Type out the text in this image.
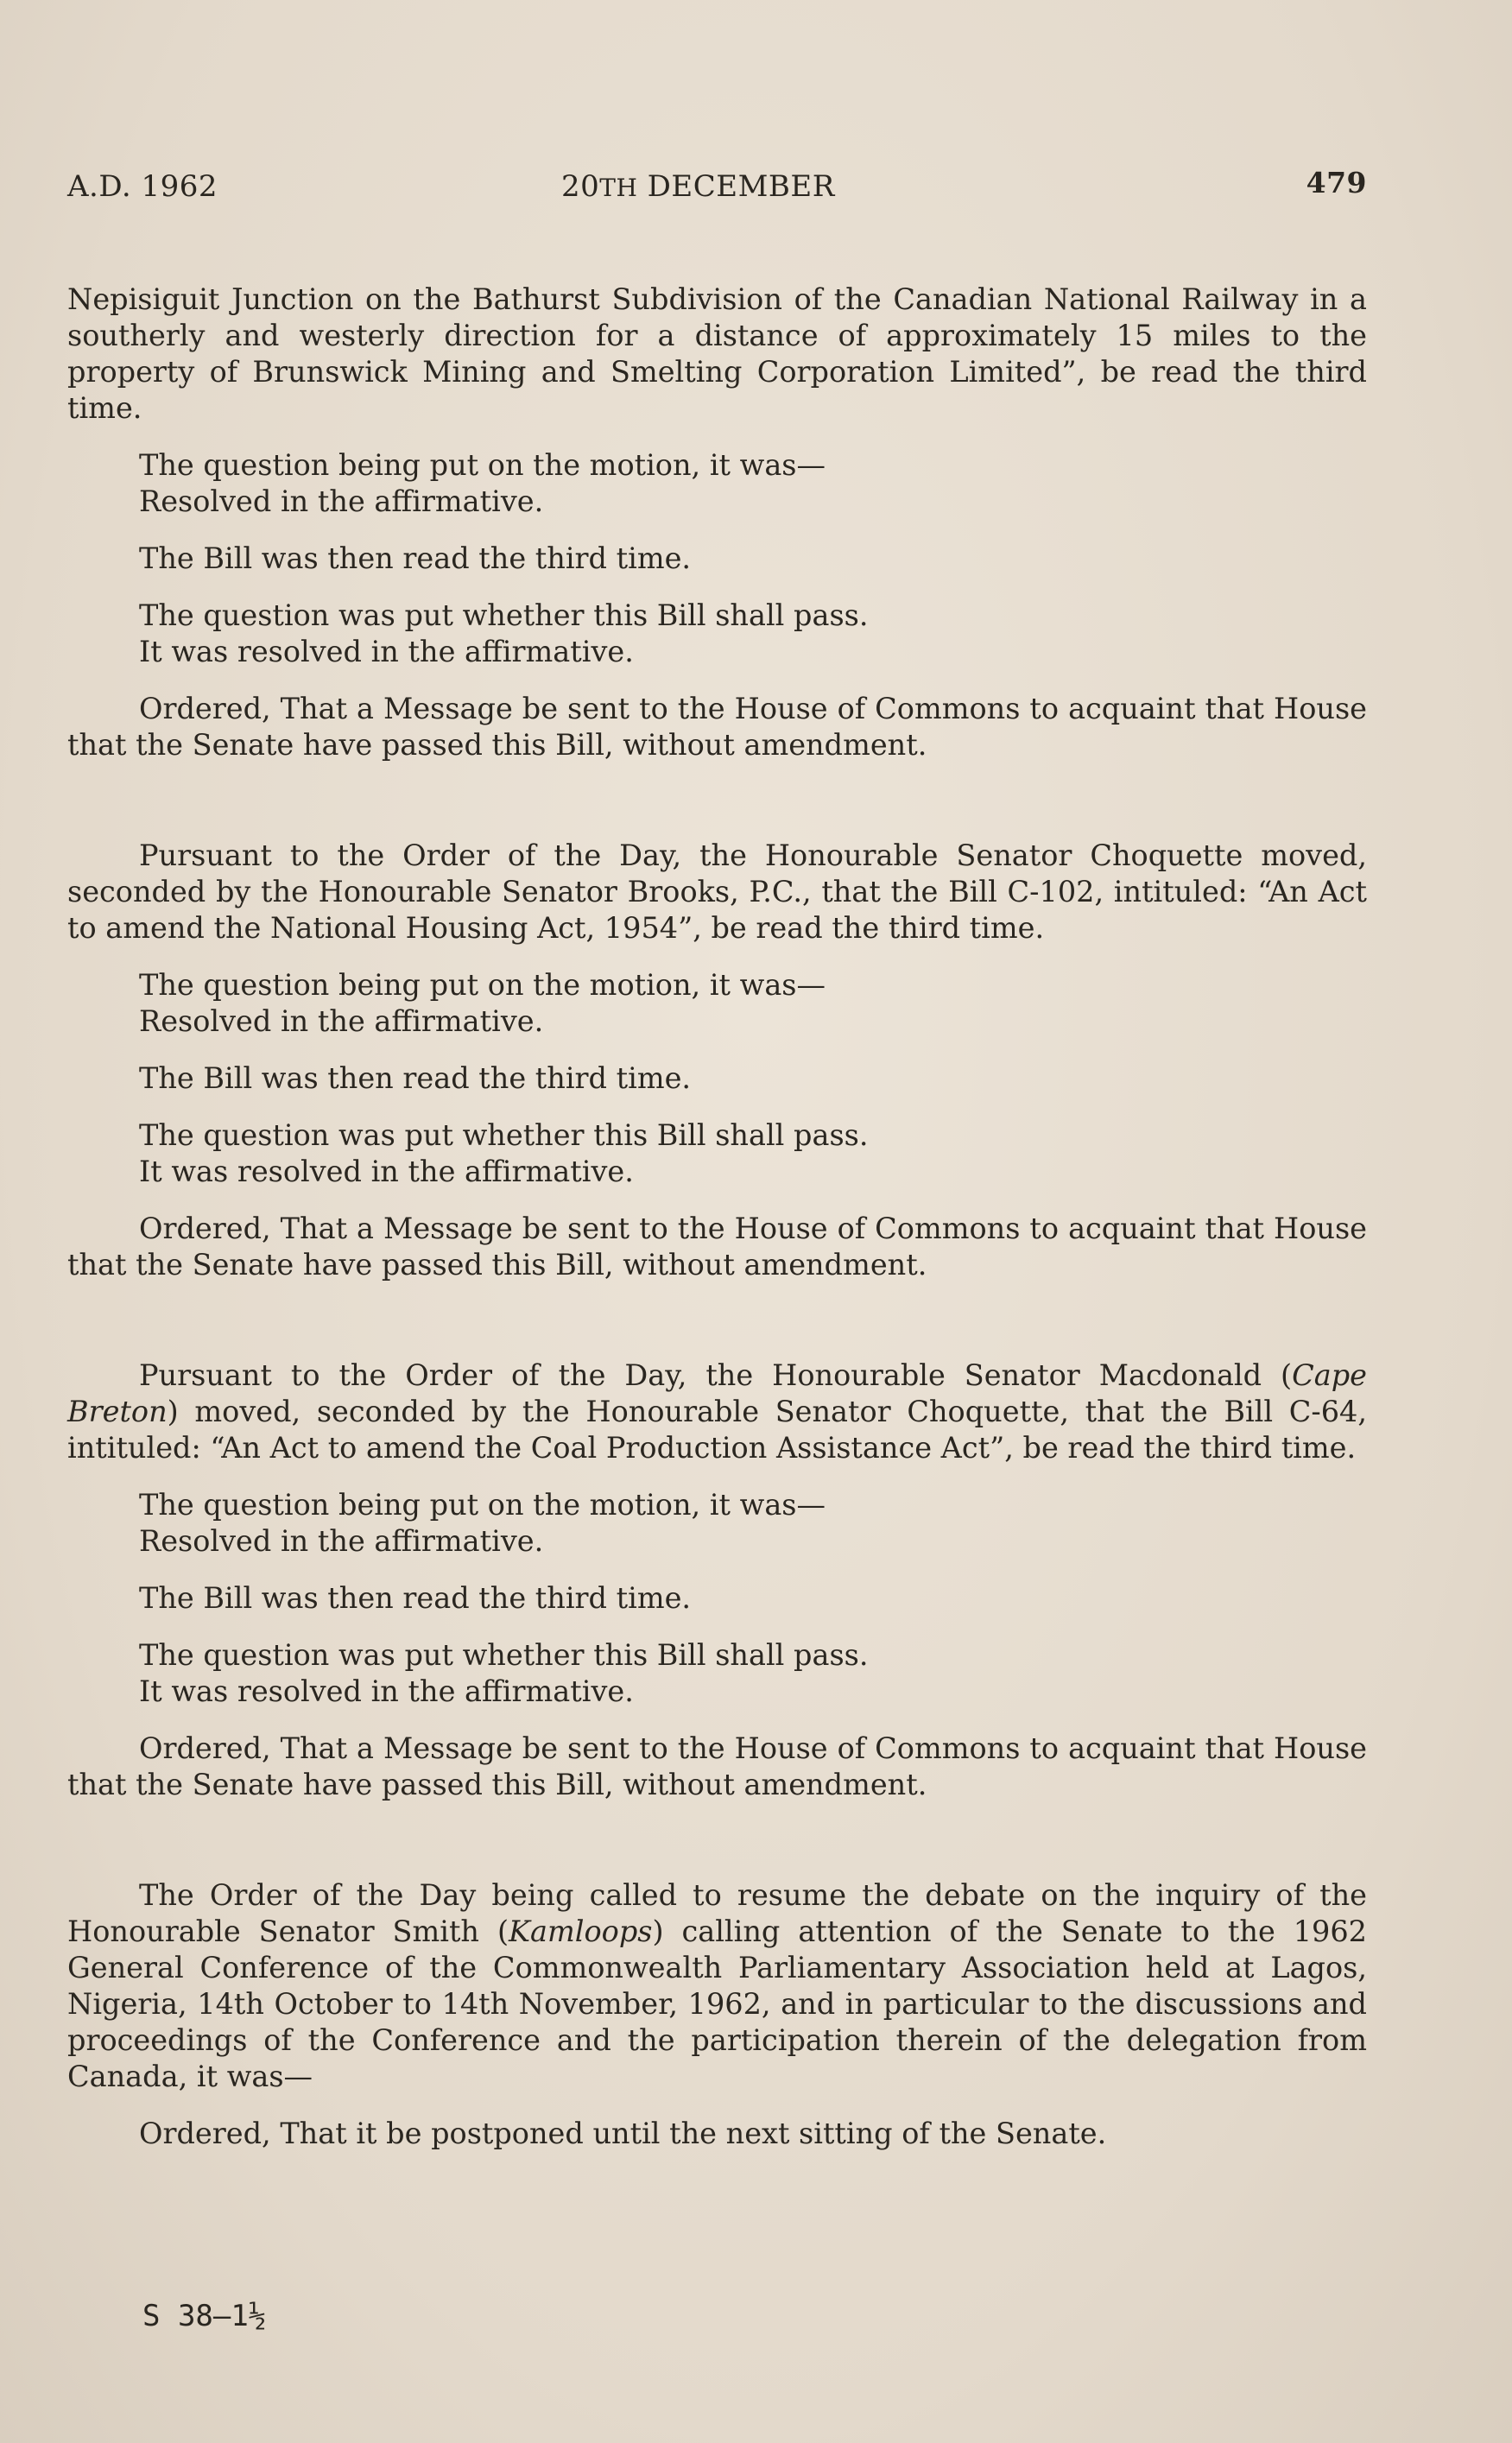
A.D. 1962	20TH DECEMBER	479

Nepisiguit Junction on the Bathurst Subdivision of the Canadian National Railway in a southerly and westerly direction for a distance of approximately 15 miles to the property of Brunswick Mining and Smelting Corporation Limited”, be read the third time.

The question being put on the motion, it was—

Resolved in the affirmative.

The Bill was then read the third time.

The question was put whether this Bill shall pass.

It was resolved in the affirmative.

Ordered, That a Message be sent to the House of Commons to acquaint that House that the Senate have passed this Bill, without amendment.

Pursuant to the Order of the Day, the Honourable Senator Choquette moved, seconded by the Honourable Senator Brooks, P.C., that the Bill C-102, intituled: “An Act to amend the National Housing Act, 1954”, be read the third time.

The question being put on the motion, it was—

Resolved in the affirmative.

The Bill was then read the third time.

The question was put whether this Bill shall pass.

It was resolved in the affirmative.

Ordered, That a Message be sent to the House of Commons to acquaint that House that the Senate have passed this Bill, without amendment.

Pursuant to the Order of the Day, the Honourable Senator Macdonald (Cape Breton) moved, seconded by the Honourable Senator Choquette, that the Bill C-64, intituled: “An Act to amend the Coal Production Assistance Act”, be read the third time.

The question being put on the motion, it was—

Resolved in the affirmative.

The Bill was then read the third time.

The question was put whether this Bill shall pass.

It was resolved in the affirmative.

Ordered, That a Message be sent to the House of Commons to acquaint that House that the Senate have passed this Bill, without amendment.

The Order of the Day being called to resume the debate on the inquiry of the Honourable Senator Smith (Kamloops) calling attention of the Senate to the 1962 General Conference of the Commonwealth Parliamentary Association held at Lagos, Nigeria, 14th October to 14th November, 1962, and in particular to the discussions and proceedings of the Conference and the participation therein of the delegation from Canada, it was—

Ordered, That it be postponed until the next sitting of the Senate.

S 38—1½
